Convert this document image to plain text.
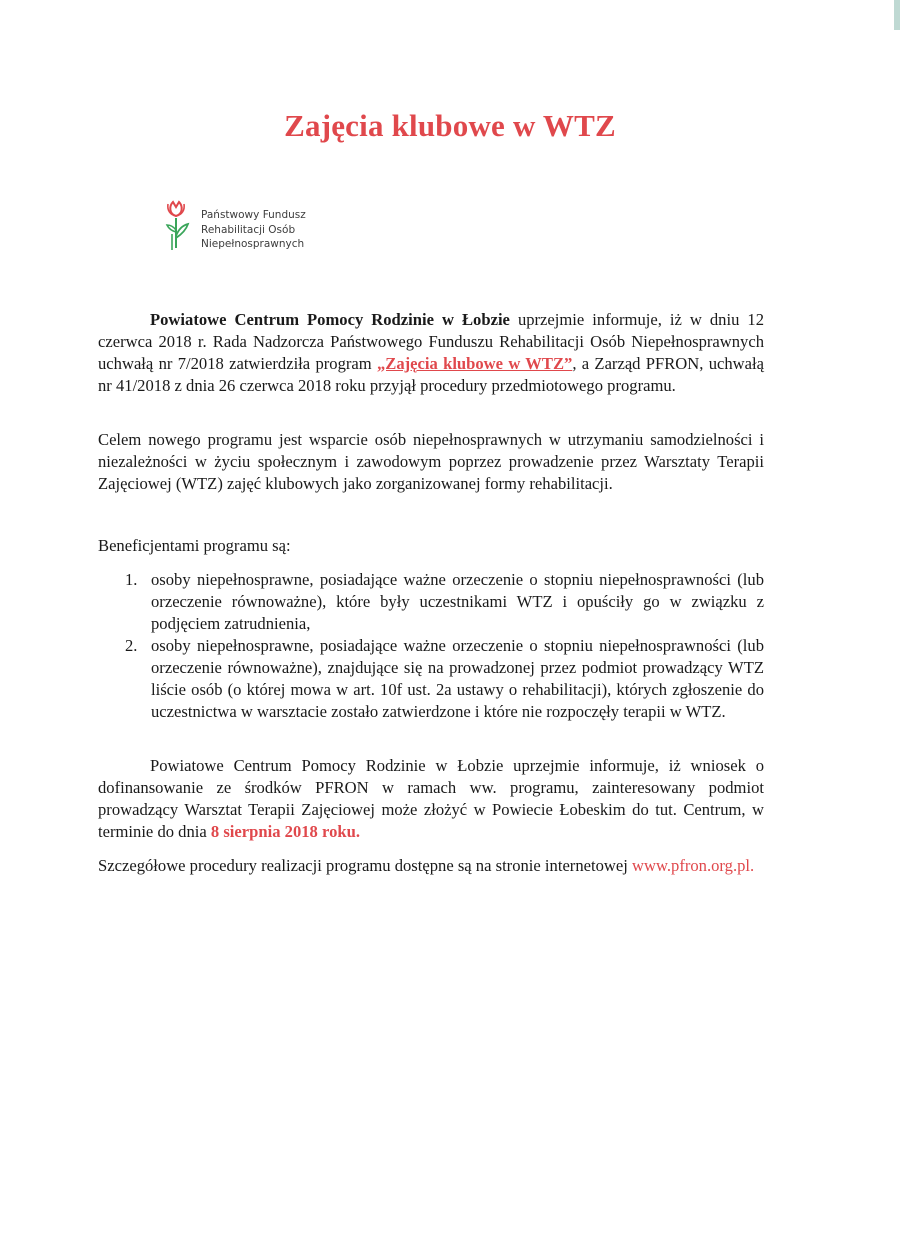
Zajęcia klubowe w WTZ
Państwowy Fundusz
Rehabilitacji Osób
Niepełnosprawnych

Powiatowe Centrum Pomocy Rodzinie w Łobzie uprzejmie informuje, iż w dniu 12 czerwca 2018 r. Rada Nadzorcza Państwowego Funduszu Rehabilitacji Osób Niepełnosprawnych uchwałą nr 7/2018 zatwierdziła program „Zajęcia klubowe w WTZ”, a Zarząd PFRON, uchwałą nr 41/2018 z dnia 26 czerwca 2018 roku przyjął procedury przedmiotowego programu.

Celem nowego programu jest wsparcie osób niepełnosprawnych w utrzymaniu samodzielności i niezależności w życiu społecznym i zawodowym poprzez prowadzenie przez Warsztaty Terapii Zajęciowej (WTZ) zajęć klubowych jako zorganizowanej formy rehabilitacji.

Beneficjentami programu są:

1. osoby niepełnosprawne, posiadające ważne orzeczenie o stopniu niepełnosprawności (lub orzeczenie równoważne), które były uczestnikami WTZ i opuściły go w związku z podjęciem zatrudnienia,

2. osoby niepełnosprawne, posiadające ważne orzeczenie o stopniu niepełnosprawności (lub orzeczenie równoważne), znajdujące się na prowadzonej przez podmiot prowadzący WTZ liście osób (o której mowa w art. 10f ust. 2a ustawy o rehabilitacji), których zgłoszenie do uczestnictwa w warsztacie zostało zatwierdzone i które nie rozpoczęły terapii w WTZ.

Powiatowe Centrum Pomocy Rodzinie w Łobzie uprzejmie informuje, iż wniosek o dofinansowanie ze środków PFRON w ramach ww. programu, zainteresowany podmiot prowadzący Warsztat Terapii Zajęciowej może złożyć w Powiecie Łobeskim do tut. Centrum, w terminie do dnia 8 sierpnia 2018 roku.

Szczegółowe procedury realizacji programu dostępne są na stronie internetowej www.pfron.org.pl.
